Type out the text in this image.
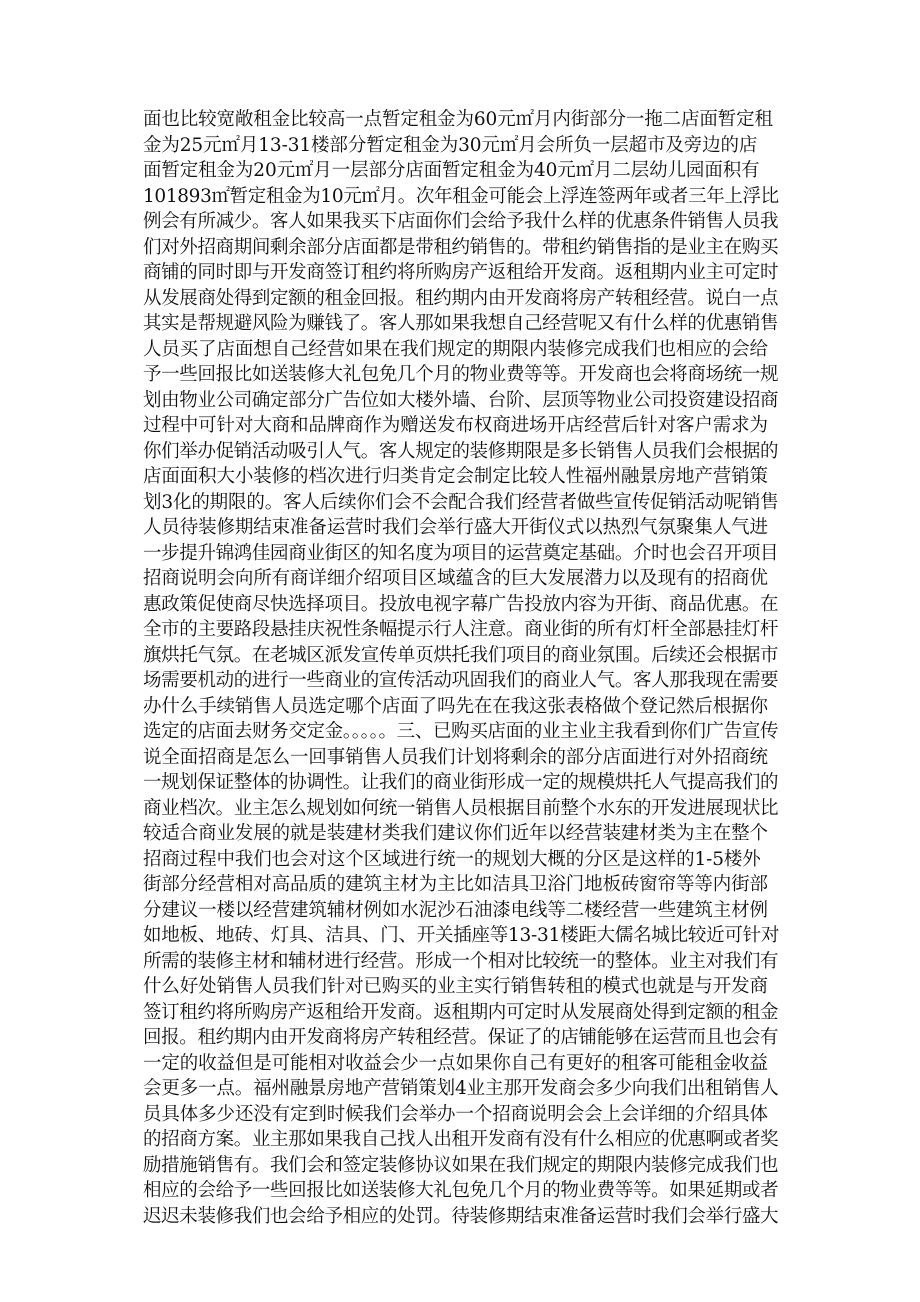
面也比较宽敞租金比较高一点暂定租金为60元㎡月内街部分一拖二店面暂定租
金为25元㎡月13-31楼部分暂定租金为30元㎡月会所负一层超市及旁边的店
面暂定租金为20元㎡月一层部分店面暂定租金为40元㎡月二层幼儿园面积有
101893㎡暂定租金为10元㎡月。次年租金可能会上浮连签两年或者三年上浮比
例会有所减少。客人如果我买下店面你们会给予我什么样的优惠条件销售人员我
们对外招商期间剩余部分店面都是带租约销售的。带租约销售指的是业主在购买
商铺的同时即与开发商签订租约将所购房产返租给开发商。返租期内业主可定时
从发展商处得到定额的租金回报。租约期内由开发商将房产转租经营。说白一点
其实是帮规避风险为赚钱了。客人那如果我想自己经营呢又有什么样的优惠销售
人员买了店面想自己经营如果在我们规定的期限内装修完成我们也相应的会给
予一些回报比如送装修大礼包免几个月的物业费等等。开发商也会将商场统一规
划由物业公司确定部分广告位如大楼外墙、台阶、层顶等物业公司投资建设招商
过程中可针对大商和品牌商作为赠送发布权商进场开店经营后针对客户需求为
你们举办促销活动吸引人气。客人规定的装修期限是多长销售人员我们会根据的
店面面积大小装修的档次进行归类肯定会制定比较人性福州融景房地产营销策
划3化的期限的。客人后续你们会不会配合我们经营者做些宣传促销活动呢销售
人员待装修期结束准备运营时我们会举行盛大开街仪式以热烈气氛聚集人气进
一步提升锦鸿佳园商业街区的知名度为项目的运营奠定基础。介时也会召开项目
招商说明会向所有商详细介绍项目区域蕴含的巨大发展潜力以及现有的招商优
惠政策促使商尽快选择项目。投放电视字幕广告投放内容为开街、商品优惠。在
全市的主要路段悬挂庆祝性条幅提示行人注意。商业街的所有灯杆全部悬挂灯杆
旗烘托气氛。在老城区派发宣传单页烘托我们项目的商业氛围。后续还会根据市
场需要机动的进行一些商业的宣传活动巩固我们的商业人气。客人那我现在需要
办什么手续销售人员选定哪个店面了吗先在在我这张表格做个登记然后根据你
选定的店面去财务交定金。。。。。三、已购买店面的业主业主我看到你们广告宣传
说全面招商是怎么一回事销售人员我们计划将剩余的部分店面进行对外招商统
一规划保证整体的协调性。让我们的商业街形成一定的规模烘托人气提高我们的
商业档次。业主怎么规划如何统一销售人员根据目前整个水东的开发进展现状比
较适合商业发展的就是装建材类我们建议你们近年以经营装建材类为主在整个
招商过程中我们也会对这个区域进行统一的规划大概的分区是这样的1-5楼外
街部分经营相对高品质的建筑主材为主比如洁具卫浴门地板砖窗帘等等内街部
分建议一楼以经营建筑辅材例如水泥沙石油漆电线等二楼经营一些建筑主材例
如地板、地砖、灯具、洁具、门、开关插座等13-31楼距大儒名城比较近可针对
所需的装修主材和辅材进行经营。形成一个相对比较统一的整体。业主对我们有
什么好处销售人员我们针对已购买的业主实行销售转租的模式也就是与开发商
签订租约将所购房产返租给开发商。返租期内可定时从发展商处得到定额的租金
回报。租约期内由开发商将房产转租经营。保证了的店铺能够在运营而且也会有
一定的收益但是可能相对收益会少一点如果你自己有更好的租客可能租金收益
会更多一点。福州融景房地产营销策划4业主那开发商会多少向我们出租销售人
员具体多少还没有定到时候我们会举办一个招商说明会会上会详细的介绍具体
的招商方案。业主那如果我自己找人出租开发商有没有什么相应的优惠啊或者奖
励措施销售有。我们会和签定装修协议如果在我们规定的期限内装修完成我们也
相应的会给予一些回报比如送装修大礼包免几个月的物业费等等。如果延期或者
迟迟未装修我们也会给予相应的处罚。待装修期结束准备运营时我们会举行盛大
